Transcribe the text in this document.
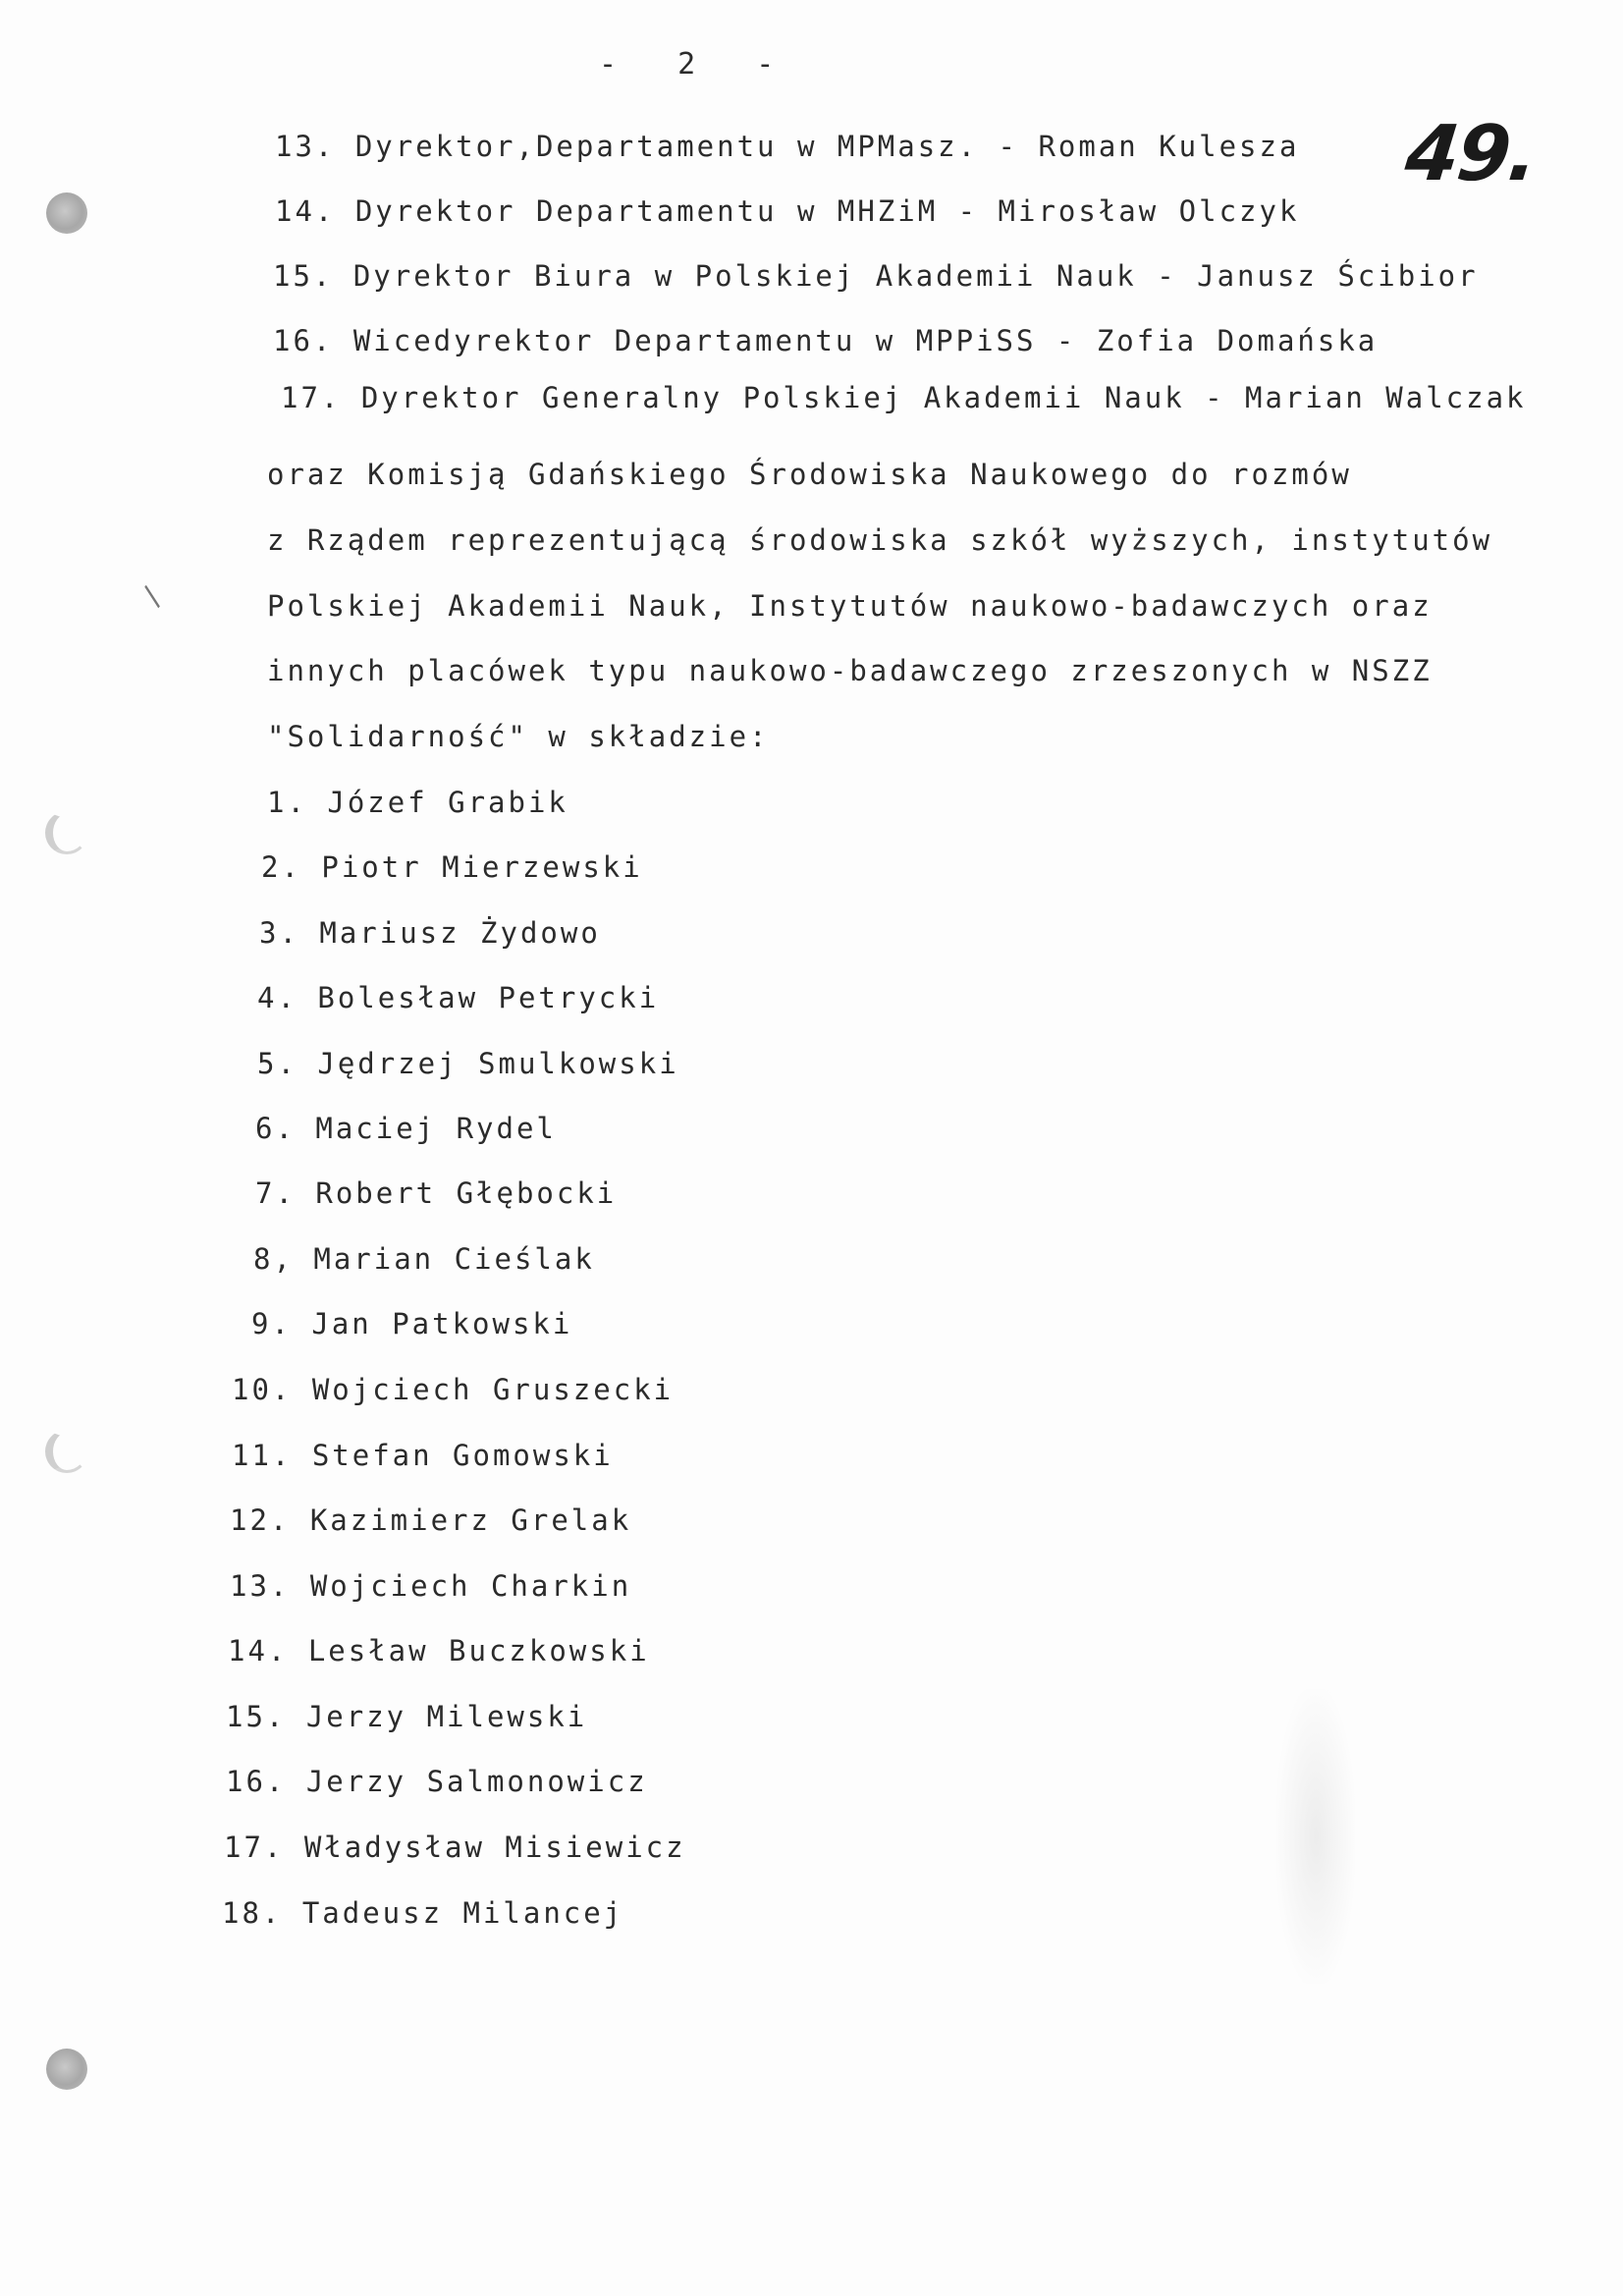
/
- 2 -
49.
13. Dyrektor,Departamentu w MPMasz. - Roman Kulesza
14. Dyrektor Departamentu w MHZiM - Mirosław Olczyk
15. Dyrektor Biura w Polskiej Akademii Nauk - Janusz Ścibior
16. Wicedyrektor Departamentu w MPPiSS - Zofia Domańska
17. Dyrektor Generalny Polskiej Akademii Nauk - Marian Walczak
oraz Komisją Gdańskiego Środowiska Naukowego do rozmów
z Rządem reprezentującą środowiska szkół wyższych, instytutów
Polskiej Akademii Nauk, Instytutów naukowo-badawczych oraz
innych placówek typu naukowo-badawczego zrzeszonych w NSZZ
"Solidarność" w składzie:
1. Józef Grabik
2. Piotr Mierzewski
3. Mariusz Żydowo
4. Bolesław Petrycki
5. Jędrzej Smulkowski
6. Maciej Rydel
7. Robert Głębocki
8, Marian Cieślak
9. Jan Patkowski
10. Wojciech Gruszecki
11. Stefan Gomowski
12. Kazimierz Grelak
13. Wojciech Charkin
14. Lesław Buczkowski
15. Jerzy Milewski
16. Jerzy Salmonowicz
17. Władysław Misiewicz
18. Tadeusz Milancej
